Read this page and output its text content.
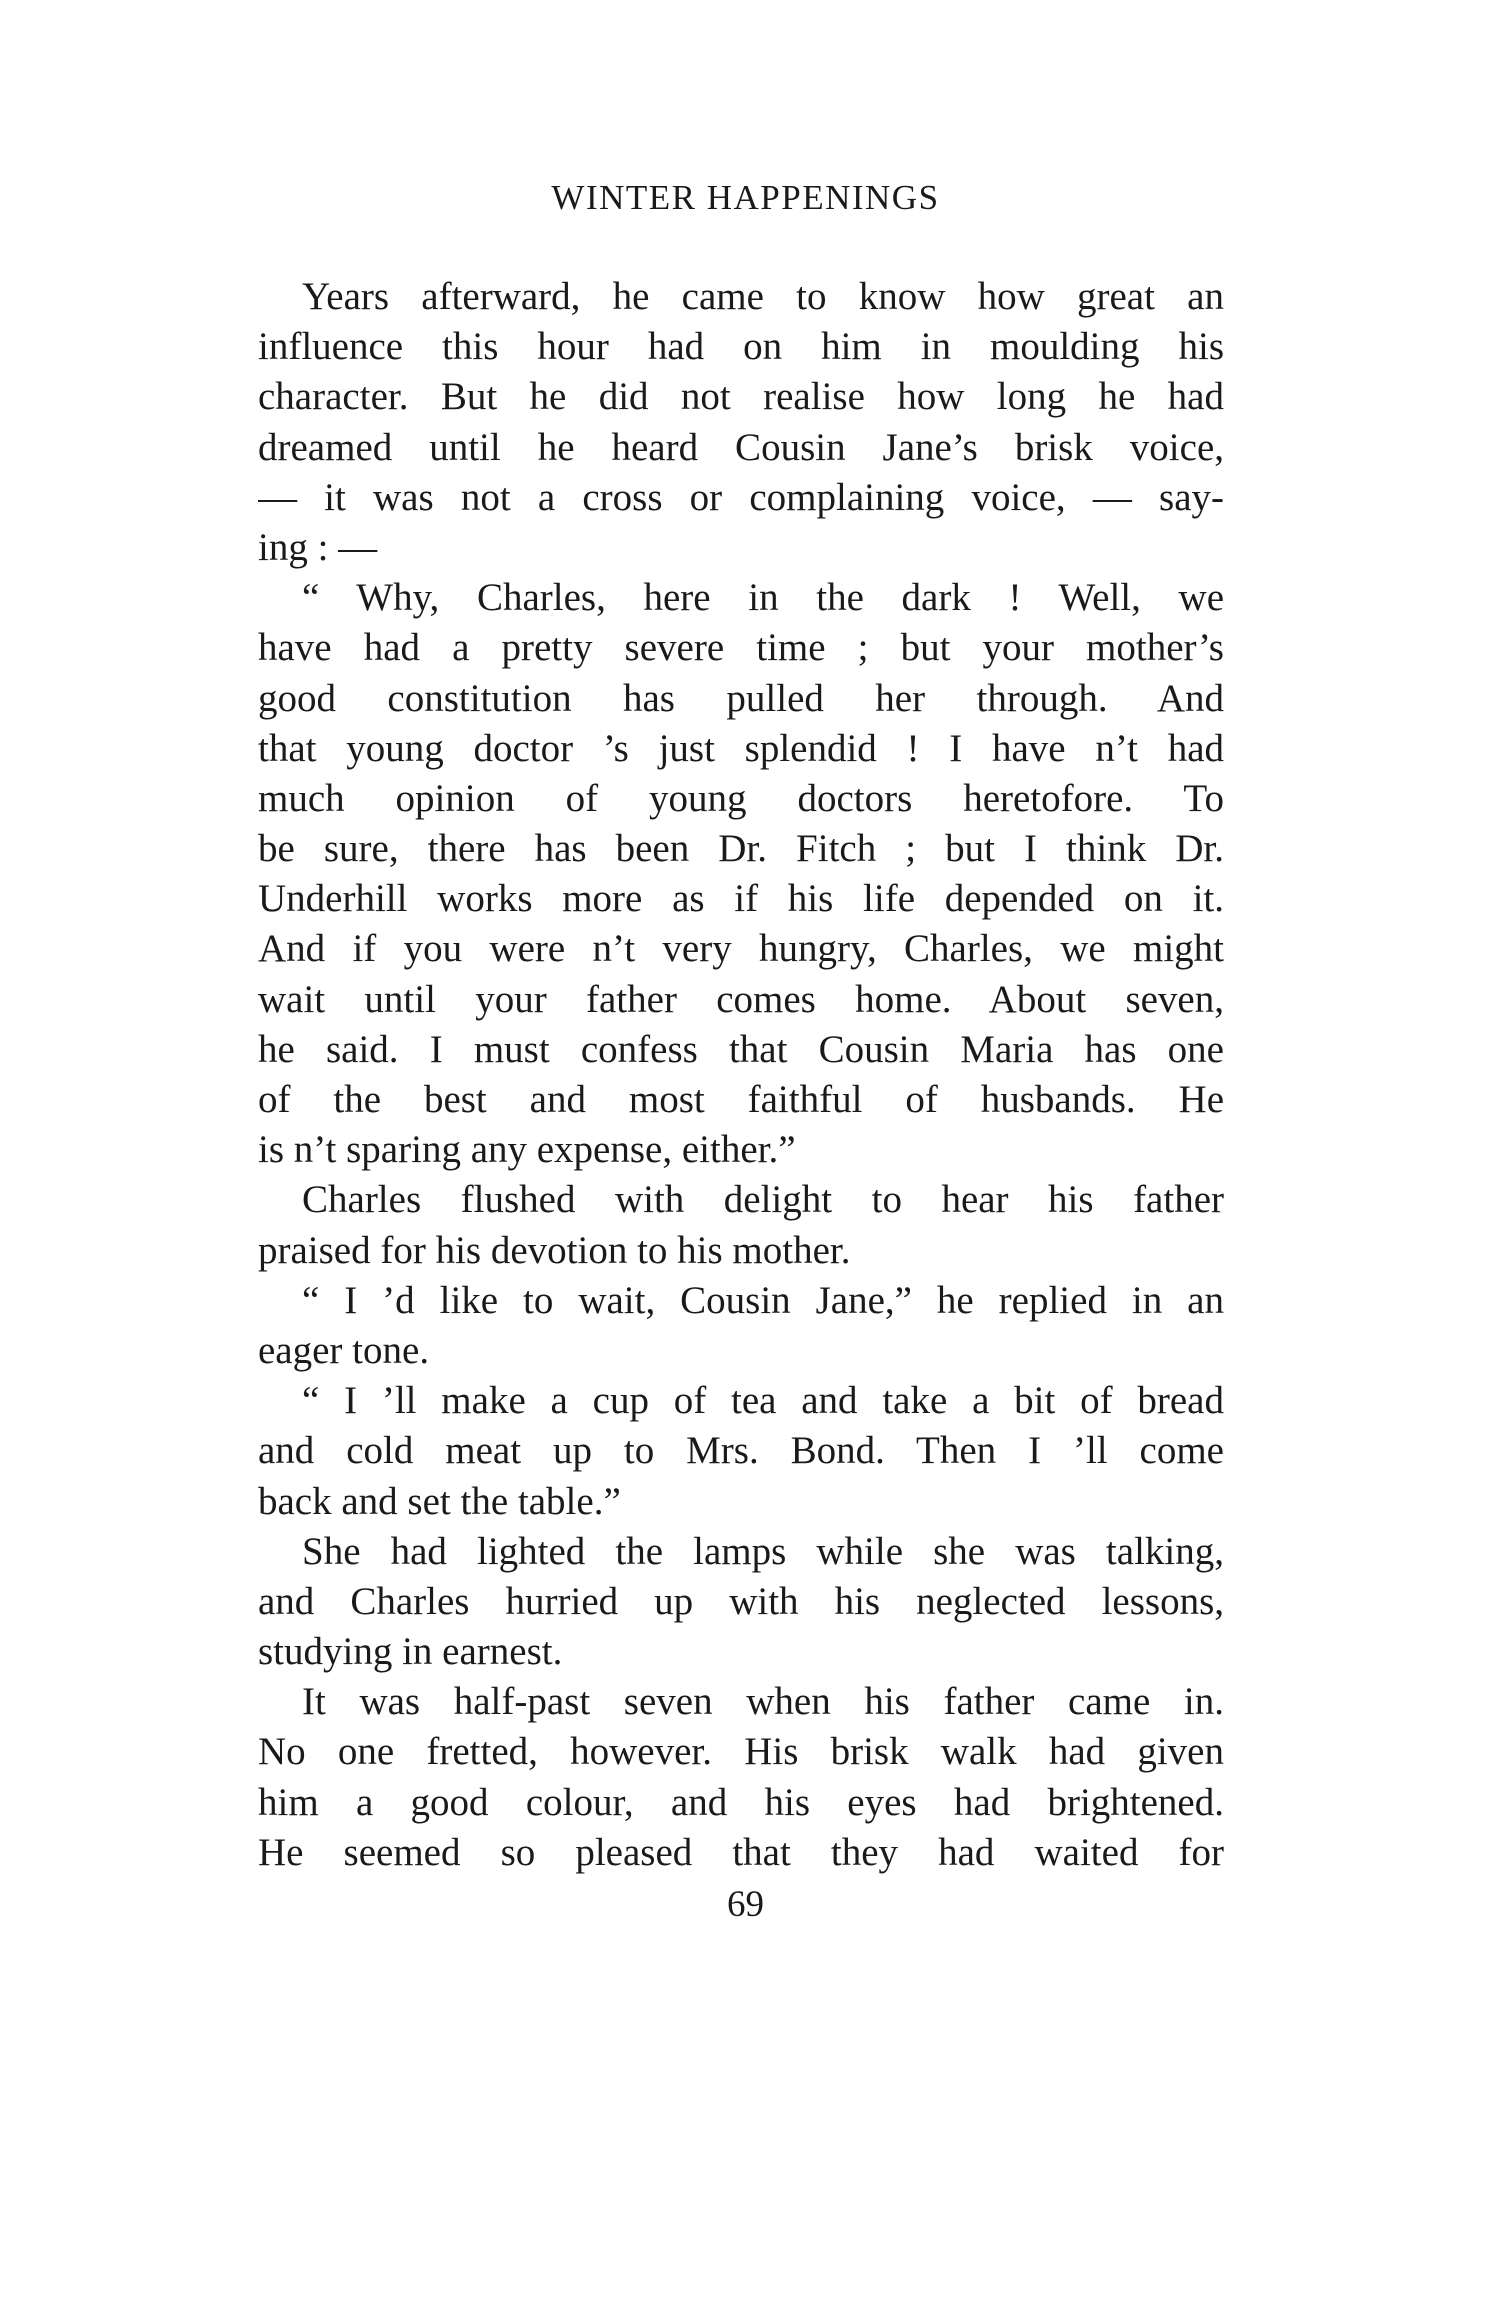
WINTER HAPPENINGS
Years afterward, he came to know how great an
influence this hour had on him in moulding his
character. But he did not realise how long he had
dreamed until he heard Cousin Jane’s brisk voice,
— it was not a cross or complaining voice, — say-
ing : —
“ Why, Charles, here in the dark ! Well, we
have had a pretty severe time ; but your mother’s
good constitution has pulled her through. And
that young doctor ’s just splendid ! I have n’t had
much opinion of young doctors heretofore. To
be sure, there has been Dr. Fitch ; but I think Dr.
Underhill works more as if his life depended on it.
And if you were n’t very hungry, Charles, we might
wait until your father comes home. About seven,
he said. I must confess that Cousin Maria has one
of the best and most faithful of husbands. He
is n’t sparing any expense, either.”
Charles flushed with delight to hear his father
praised for his devotion to his mother.
“ I ’d like to wait, Cousin Jane,” he replied in an
eager tone.
“ I ’ll make a cup of tea and take a bit of bread
and cold meat up to Mrs. Bond. Then I ’ll come
back and set the table.”
She had lighted the lamps while she was talking,
and Charles hurried up with his neglected lessons,
studying in earnest.
It was half-past seven when his father came in.
No one fretted, however. His brisk walk had given
him a good colour, and his eyes had brightened.
He seemed so pleased that they had waited for
69
